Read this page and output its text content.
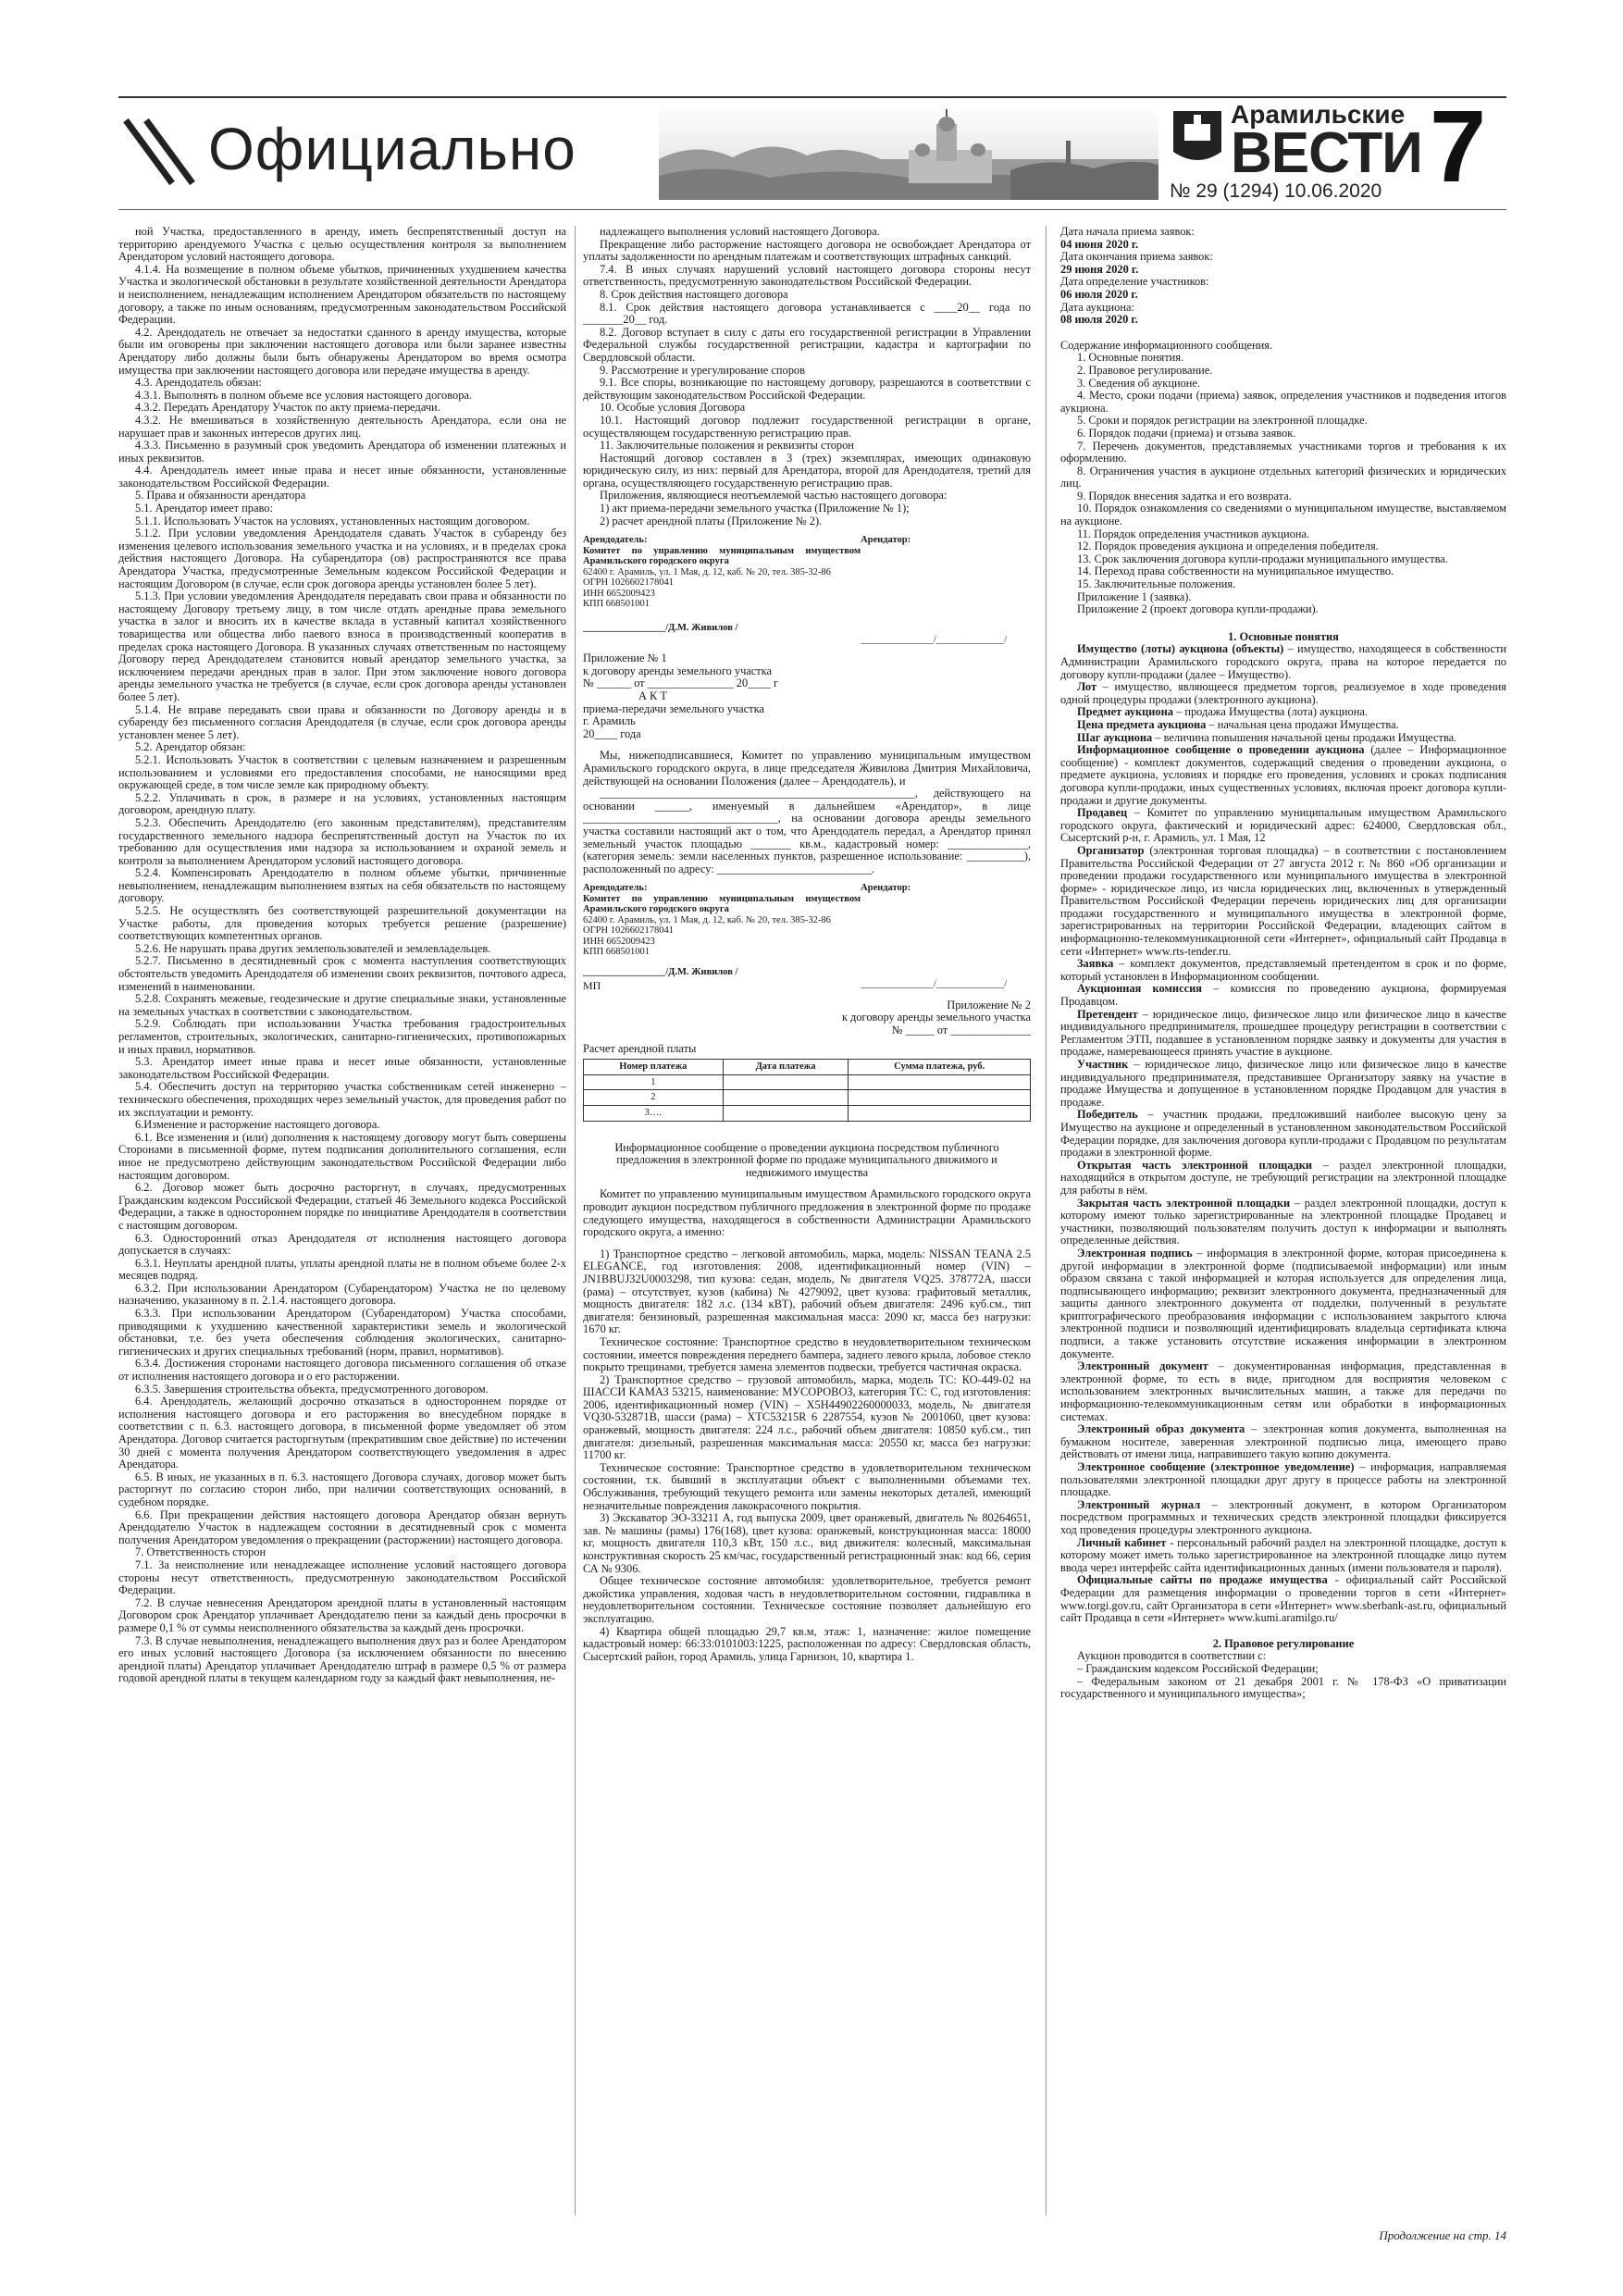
Официально
Арамильские
ВЕСТИ
№ 29 (1294) 10.06.2020 7

ной Участка, предоставленного в аренду, иметь беспрепятственный доступ на территорию арендуемого Участка с целью осуществления контроля за выполнением Арендатором условий настоящего договора.

4.1.4. На возмещение в полном объеме убытков, причиненных ухудшением качества Участка и экологической обстановки в результате хозяйственной деятельности Арендатора и неисполнением, ненадлежащим исполнением Арендатором обязательств по настоящему договору, а также по иным основаниям, предусмотренным законодательством Российской Федерации.

4.2. Арендодатель не отвечает за недостатки сданного в аренду имущества, которые были им оговорены при заключении настоящего договора или были заранее известны Арендатору либо должны были быть обнаружены Арендатором во время осмотра имущества при заключении настоящего договора или передаче имущества в аренду.

4.3. Арендодатель обязан:

4.3.1. Выполнять в полном объеме все условия настоящего договора.

4.3.2. Передать Арендатору Участок по акту приема-передачи.

4.3.2. Не вмешиваться в хозяйственную деятельность Арендатора, если она не нарушает прав и законных интересов других лиц.

4.3.3. Письменно в разумный срок уведомить Арендатора об изменении платежных и иных реквизитов.

4.4. Арендодатель имеет иные права и несет иные обязанности, установленные законодательством Российской Федерации.

5. Права и обязанности арендатора

5.1. Арендатор имеет право:

5.1.1. Использовать Участок на условиях, установленных настоящим договором.

5.1.2. При условии уведомления Арендодателя сдавать Участок в субаренду без изменения целевого использования земельного участка и на условиях, и в пределах срока действия настоящего Договора. На субарендатора (ов) распространяются все права Арендатора Участка, предусмотренные Земельным кодексом Российской Федерации и настоящим Договором (в случае, если срок договора аренды установлен более 5 лет).

5.1.3. При условии уведомления Арендодателя передавать свои права и обязанности по настоящему Договору третьему лицу, в том числе отдать арендные права земельного участка в залог и вносить их в качестве вклада в уставный капитал хозяйственного товарищества или общества либо паевого взноса в производственный кооператив в пределах срока настоящего Договора. В указанных случаях ответственным по настоящему Договору перед Арендодателем становится новый арендатор земельного участка, за исключением передачи арендных прав в залог. При этом заключение нового договора аренды земельного участка не требуется (в случае, если срок договора аренды установлен более 5 лет).

5.1.4. Не вправе передавать свои права и обязанности по Договору аренды и в субаренду без письменного согласия Арендодателя (в случае, если срок договора аренды установлен менее 5 лет).

5.2. Арендатор обязан:

5.2.1. Использовать Участок в соответствии с целевым назначением и разрешенным использованием и условиями его предоставления способами, не наносящими вред окружающей среде, в том числе земле как природному объекту.

5.2.2. Уплачивать в срок, в размере и на условиях, установленных настоящим договором, арендную плату.

5.2.3. Обеспечить Арендодателю (его законным представителям), представителям государственного земельного надзора беспрепятственный доступ на Участок по их требованию для осуществления ими надзора за использованием и охраной земель и контроля за выполнением Арендатором условий настоящего договора.

5.2.4. Компенсировать Арендодателю в полном объеме убытки, причиненные невыполнением, ненадлежащим выполнением взятых на себя обязательств по настоящему договору.

5.2.5. Не осуществлять без соответствующей разрешительной документации на Участке работы, для проведения которых требуется решение (разрешение) соответствующих компетентных органов.

5.2.6. Не нарушать права других землепользователей и землевладельцев.

5.2.7. Письменно в десятидневный срок с момента наступления соответствующих обстоятельств уведомить Арендодателя об изменении своих реквизитов, почтового адреса, изменений в наименовании.

5.2.8. Сохранять межевые, геодезические и другие специальные знаки, установленные на земельных участках в соответствии с законодательством.

5.2.9. Соблюдать при использовании Участка требования градостроительных регламентов, строительных, экологических, санитарно-гигиенических, противопожарных и иных правил, нормативов.

5.3. Арендатор имеет иные права и несет иные обязанности, установленные законодательством Российской Федерации.

5.4. Обеспечить доступ на территорию участка собственникам сетей инженерно – технического обеспечения, проходящих через земельный участок, для проведения работ по их эксплуатации и ремонту.

6.Изменение и расторжение настоящего договора.

6.1. Все изменения и (или) дополнения к настоящему договору могут быть совершены Сторонами в письменной форме, путем подписания дополнительного соглашения, если иное не предусмотрено действующим законодательством Российской Федерации либо настоящим договором.

6.2. Договор может быть досрочно расторгнут, в случаях, предусмотренных Гражданским кодексом Российской Федерации, статьей 46 Земельного кодекса Российской Федерации, а также в одностороннем порядке по инициативе Арендодателя в соответствии с настоящим договором.

6.3. Односторонний отказ Арендодателя от исполнения настоящего договора допускается в случаях:

6.3.1. Неуплаты арендной платы, уплаты арендной платы не в полном объеме более 2-х месяцев подряд.

6.3.2. При использовании Арендатором (Субарендатором) Участка не по целевому назначению, указанному в п. 2.1.4. настоящего договора.

6.3.3. При использовании Арендатором (Субарендатором) Участка способами, приводящими к ухудшению качественной характеристики земель и экологической обстановки, т.е. без учета обеспечения соблюдения экологических, санитарно-гигиенических и других специальных требований (норм, правил, нормативов).

6.3.4. Достижения сторонами настоящего договора письменного соглашения об отказе от исполнения настоящего договора и о его расторжении.

6.3.5. Завершения строительства объекта, предусмотренного договором.

6.4. Арендодатель, желающий досрочно отказаться в одностороннем порядке от исполнения настоящего договора и его расторжения во внесудебном порядке в соответствии с п. 6.3. настоящего договора, в письменной форме уведомляет об этом Арендатора. Договор считается расторгнутым (прекратившим свое действие) по истечении 30 дней с момента получения Арендатором соответствующего уведомления в адрес Арендатора.

6.5. В иных, не указанных в п. 6.3. настоящего Договора случаях, договор может быть расторгнут по согласию сторон либо, при наличии соответствующих оснований, в судебном порядке.

6.6. При прекращении действия настоящего договора Арендатор обязан вернуть Арендодателю Участок в надлежащем состоянии в десятидневный срок с момента получения Арендатором уведомления о прекращении (расторжении) настоящего договора.

7. Ответственность сторон

7.1. За неисполнение или ненадлежащее исполнение условий настоящего договора стороны несут ответственность, предусмотренную законодательством Российской Федерации.

7.2. В случае невнесения Арендатором арендной платы в установленный настоящим Договором срок Арендатор уплачивает Арендодателю пени за каждый день просрочки в размере 0,1 % от суммы неисполненного обязательства за каждый день просрочки.

7.3. В случае невыполнения, ненадлежащего выполнения двух раз и более Арендатором его иных условий настоящего Договора (за исключением обязанности по внесению арендной платы) Арендатор уплачивает Арендодателю штраф в размере 0,5 % от размера годовой арендной платы в текущем календарном году за каждый факт невыполнения, не-

надлежащего выполнения условий настоящего Договора.

Прекращение либо расторжение настоящего договора не освобождает Арендатора от уплаты задолженности по арендным платежам и соответствующих штрафных санкций.

7.4. В иных случаях нарушений условий настоящего договора стороны несут ответственность, предусмотренную законодательством Российской Федерации.

8. Срок действия настоящего договора

8.1. Срок действия настоящего договора устанавливается с ____20__ года по _______20__ год.

8.2. Договор вступает в силу с даты его государственной регистрации в Управлении Федеральной службы государственной регистрации, кадастра и картографии по Свердловской области.

9. Рассмотрение и урегулирование споров

9.1. Все споры, возникающие по настоящему договору, разрешаются в соответствии с действующим законодательством Российской Федерации.

10. Особые условия Договора

10.1. Настоящий договор подлежит государственной регистрации в органе, осуществляющем государственную регистрацию прав.

11. Заключительные положения и реквизиты сторон

Настоящий договор составлен в 3 (трех) экземплярах, имеющих одинаковую юридическую силу, из них: первый для Арендатора, второй для Арендодателя, третий для органа, осуществляющего государственную регистрацию прав.

Приложения, являющиеся неотъемлемой частью настоящего договора:

1) акт приема-передачи земельного участка (Приложение № 1);

2) расчет арендной платы (Приложение № 2).

Арендодатель:
Комитет по управлению муниципальным имуществом Арамильского городского округа
62400 г. Арамиль, ул. 1 Мая, д. 12, каб. № 20, тел. 385-32-86
ОГРН 1026602178041
ИНН 6652009423
КПП 668501001
_________________/Д.М. Живилов /

Арендатор:
_______________/______________/

Приложение № 1

к договору аренды земельного участка

№ ______ от _______________ 20____ г

А К Т

приема-передачи земельного участка

г. Арамиль

20____ года

Мы, нижеподписавшиеся, Комитет по управлению муниципальным имуществом Арамильского городского округа, в лице председателя Живилова Дмитрия Михайловича, действующей на основании Положения (далее – Арендодатель), и

_______________________________________________________, действующего на основании ______, именуемый в дальнейшем «Арендатор», в лице __________________________________, на основании договора аренды земельного участка составили настоящий акт о том, что Арендодатель передал, а Арендатор принял земельный участок площадью _______ кв.м., кадастровый номер: ______________, (категория земель: земли населенных пунктов, разрешенное использование: __________), расположенный по адресу: ___________________________.

Арендодатель:
Комитет по управлению муниципальным имуществом Арамильского городского округа
62400 г. Арамиль, ул. 1 Мая, д. 12, каб. № 20, тел. 385-32-86
ОГРН 1026602178041
ИНН 6652009423
КПП 668501001
_________________/Д.М. Живилов /
МП

Арендатор:
_______________/______________/

Приложение № 2

к договору аренды земельного участка

№ _____ от ______________

Расчет арендной платы

Номер платежа	Дата платежа	Сумма платежа, руб.
1		
2		
3….		

Информационное сообщение о проведении аукциона посредством публичного предложения в электронной форме по продаже муниципального движимого и недвижимого имущества

Комитет по управлению муниципальным имуществом Арамильского городского округа проводит аукцион посредством публичного предложения в электронной форме по продаже следующего имущества, находящегося в собственности Администрации Арамильского городского округа, а именно:

1) Транспортное средство – легковой автомобиль, марка, модель: NISSAN TEANA 2.5 ELEGANCE, год изготовления: 2008, идентификационный номер (VIN) – JN1BBUJ32U0003298, тип кузова: седан, модель, № двигателя VQ25. 378772A, шасси (рама) – отсутствует, кузов (кабина) № 4279092, цвет кузова: графитовый металлик, мощность двигателя: 182 л.с. (134 кВТ), рабочий объем двигателя: 2496 куб.см., тип двигателя: бензиновый, разрешенная максимальная масса: 2090 кг, масса без нагрузки: 1670 кг.

Техническое состояние: Транспортное средство в неудовлетворительном техническом состоянии, имеется повреждения переднего бампера, заднего левого крыла, лобовое стекло покрыто трещинами, требуется замена элементов подвески, требуется частичная окраска.

2) Транспортное средство – грузовой автомобиль, марка, модель ТС: КО-449-02 на ШАССИ КАМАЗ 53215, наименование: МУСОРОВОЗ, категория ТС: С, год изготовления: 2006, идентификационный номер (VIN) – Х5Н44902260000033, модель, № двигателя VQ30-532871B, шасси (рама) – XTC53215R 6 2287554, кузов № 2001060, цвет кузова: оранжевый, мощность двигателя: 224 л.с., рабочий объем двигателя: 10850 куб.см., тип двигателя: дизельный, разрешенная максимальная масса: 20550 кг, масса без нагрузки: 11700 кг.

Техническое состояние: Транспортное средство в удовлетворительном техническом состоянии, т.к. бывший в эксплуатации объект с выполненными объемами тех. Обслуживания, требующий текущего ремонта или замены некоторых деталей, имеющий незначительные повреждения лакокрасочного покрытия.

3) Экскаватор ЭО-33211 А, год выпуска 2009, цвет оранжевый, двигатель № 80264651, зав. № машины (рамы) 176(168), цвет кузова: оранжевый, конструкционная масса: 18000 кг, мощность двигателя 110,3 кВт, 150 л.с., вид движителя: колесный, максимальная конструктивная скорость 25 км/час, государственный регистрационный знак: код 66, серия СА № 9306.

Общее техническое состояние автомобиля: удовлетворительное, требуется ремонт джойстика управления, ходовая часть в неудовлетворительном состоянии, гидравлика в неудовлетворительном состоянии. Техническое состояние позволяет дальнейшую его эксплуатацию.

4) Квартира общей площадью 29,7 кв.м, этаж: 1, назначение: жилое помещение кадастровый номер: 66:33:0101003:1225, расположенная по адресу: Свердловская область, Сысертский район, город Арамиль, улица Гарнизон, 10, квартира 1.

Дата начала приема заявок:

04 июня 2020 г.

Дата окончания приема заявок:

29 июня 2020 г.

Дата определение участников:

06 июля 2020 г.

Дата аукциона:

08 июля 2020 г.

Содержание информационного сообщения.

1. Основные понятия.

2. Правовое регулирование.

3. Сведения об аукционе.

4. Место, сроки подачи (приема) заявок, определения участников и подведения итогов аукциона.

5. Сроки и порядок регистрации на электронной площадке.

6. Порядок подачи (приема) и отзыва заявок.

7. Перечень документов, представляемых участниками торгов и требования к их оформлению.

8. Ограничения участия в аукционе отдельных категорий физических и юридических лиц.

9. Порядок внесения задатка и его возврата.

10. Порядок ознакомления со сведениями о муниципальном имуществе, выставляемом на аукционе.

11. Порядок определения участников аукциона.

12. Порядок проведения аукциона и определения победителя.

13. Срок заключения договора купли-продажи муниципального имущества.

14. Переход права собственности на муниципальное имущество.

15. Заключительные положения.

Приложение 1 (заявка).

Приложение 2 (проект договора купли-продажи).

1. Основные понятия

Имущество (лоты) аукциона (объекты) – имущество, находящееся в собственности Администрации Арамильского городского округа, права на которое передается по договору купли-продажи (далее – Имущество).

Лот – имущество, являющееся предметом торгов, реализуемое в ходе проведения одной процедуры продажи (электронного аукциона).

Предмет аукциона – продажа Имущества (лота) аукциона.

Цена предмета аукциона – начальная цена продажи Имущества.

Шаг аукциона – величина повышения начальной цены продажи Имущества.

Информационное сообщение о проведении аукциона (далее – Информационное сообщение) - комплект документов, содержащий сведения о проведении аукциона, о предмете аукциона, условиях и порядке его проведения, условиях и сроках подписания договора купли-продажи, иных существенных условиях, включая проект договора купли-продажи и другие документы.

Продавец – Комитет по управлению муниципальным имуществом Арамильского городского округа, фактический и юридический адрес: 624000, Свердловская обл., Сысертский р-н, г. Арамиль, ул. 1 Мая, 12

Организатор (электронная торговая площадка) – в соответствии с постановлением Правительства Российской Федерации от 27 августа 2012 г. № 860 «Об организации и проведении продажи государственного или муниципального имущества в электронной форме» - юридическое лицо, из числа юридических лиц, включенных в утвержденный Правительством Российской Федерации перечень юридических лиц для организации продажи государственного и муниципального имущества в электронной форме, зарегистрированных на территории Российской Федерации, владеющих сайтом в информационно-телекоммуникационной сети «Интернет», официальный сайт Продавца в сети «Интернет» www.rts-tender.ru.

Заявка – комплект документов, представляемый претендентом в срок и по форме, который установлен в Информационном сообщении.

Аукционная комиссия – комиссия по проведению аукциона, формируемая Продавцом.

Претендент – юридическое лицо, физическое лицо или физическое лицо в качестве индивидуального предпринимателя, прошедшее процедуру регистрации в соответствии с Регламентом ЭТП, подавшее в установленном порядке заявку и документы для участия в продаже, намеревающееся принять участие в аукционе.

Участник – юридическое лицо, физическое лицо или физическое лицо в качестве индивидуального предпринимателя, представившее Организатору заявку на участие в продаже Имущества и допущенное в установленном порядке Продавцом для участия в продаже.

Победитель – участник продажи, предложивший наиболее высокую цену за Имущество на аукционе и определенный в установленном законодательством Российской Федерации порядке, для заключения договора купли-продажи с Продавцом по результатам продажи в электронной форме.

Открытая часть электронной площадки – раздел электронной площадки, находящийся в открытом доступе, не требующий регистрации на электронной площадке для работы в нём.

Закрытая часть электронной площадки – раздел электронной площадки, доступ к которому имеют только зарегистрированные на электронной площадке Продавец и участники, позволяющий пользователям получить доступ к информации и выполнять определенные действия.

Электронная подпись – информация в электронной форме, которая присоединена к другой информации в электронной форме (подписываемой информации) или иным образом связана с такой информацией и которая используется для определения лица, подписывающего информацию; реквизит электронного документа, предназначенный для защиты данного электронного документа от подделки, полученный в результате криптографического преобразования информации с использованием закрытого ключа электронной подписи и позволяющий идентифицировать владельца сертификата ключа подписи, а также установить отсутствие искажения информации в электронном документе.

Электронный документ – документированная информация, представленная в электронной форме, то есть в виде, пригодном для восприятия человеком с использованием электронных вычислительных машин, а также для передачи по информационно-телекоммуникационным сетям или обработки в информационных системах.

Электронный образ документа – электронная копия документа, выполненная на бумажном носителе, заверенная электронной подписью лица, имеющего право действовать от имени лица, направившего такую копию документа.

Электронное сообщение (электронное уведомление) – информация, направляемая пользователями электронной площадки друг другу в процессе работы на электронной площадке.

Электронный журнал – электронный документ, в котором Организатором посредством программных и технических средств электронной площадки фиксируется ход проведения процедуры электронного аукциона.

Личный кабинет - персональный рабочий раздел на электронной площадке, доступ к которому может иметь только зарегистрированное на электронной площадке лицо путем ввода через интерфейс сайта идентификационных данных (имени пользователя и пароля).

Официальные сайты по продаже имущества - официальный сайт Российской Федерации для размещения информации о проведении торгов в сети «Интернет» www.torgi.gov.ru, сайт Организатора в сети «Интернет» www.sberbank-ast.ru, официальный сайт Продавца в сети «Интернет» www.kumi.aramilgo.ru/

2. Правовое регулирование

Аукцион проводится в соответствии с:

– Гражданским кодексом Российской Федерации;

– Федеральным законом от 21 декабря 2001 г. № 178-ФЗ «О приватизации государственного и муниципального имущества»;

Продолжение на стр. 14
